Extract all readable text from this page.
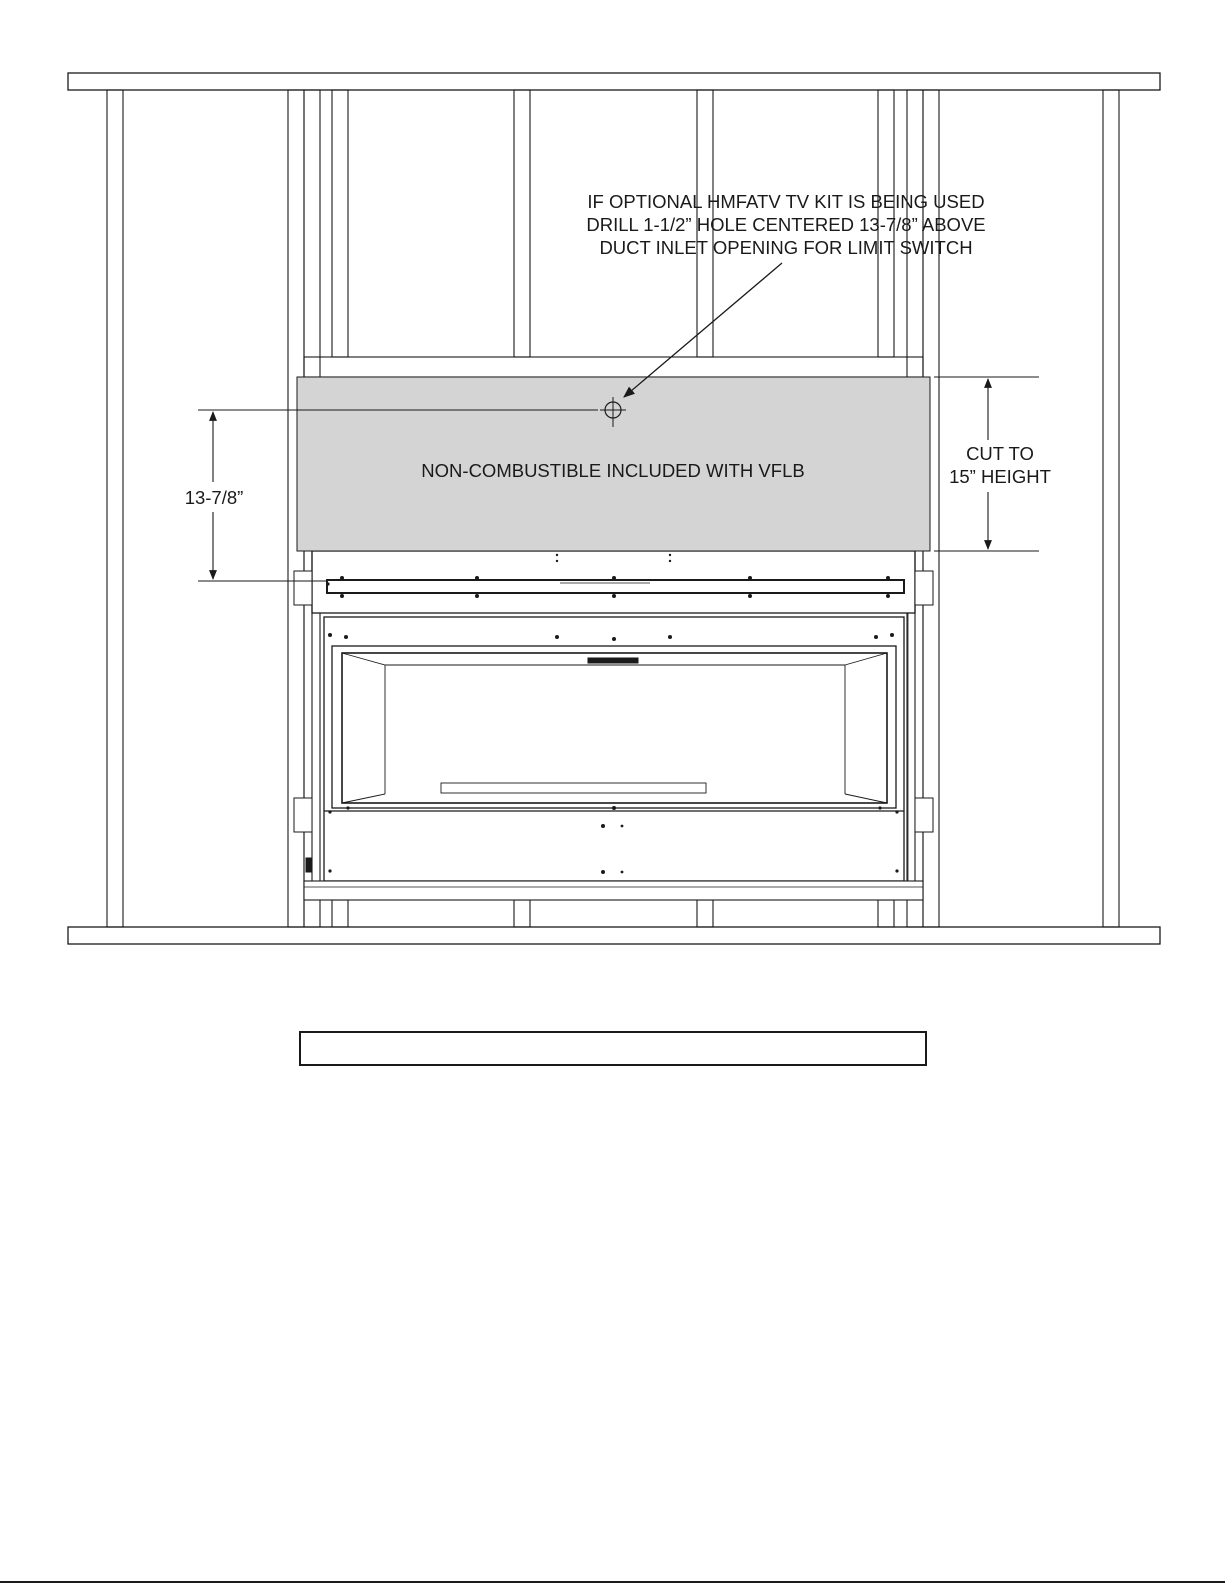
NON-COMBUSTIBLE INCLUDED WITH VFLB
IF OPTIONAL HMFATV TV KIT IS BEING USED
DRILL 1-1/2” HOLE CENTERED 13-7/8” ABOVE
DUCT INLET OPENING FOR LIMIT SWITCH
13-7/8”
CUT TO
15” HEIGHT
